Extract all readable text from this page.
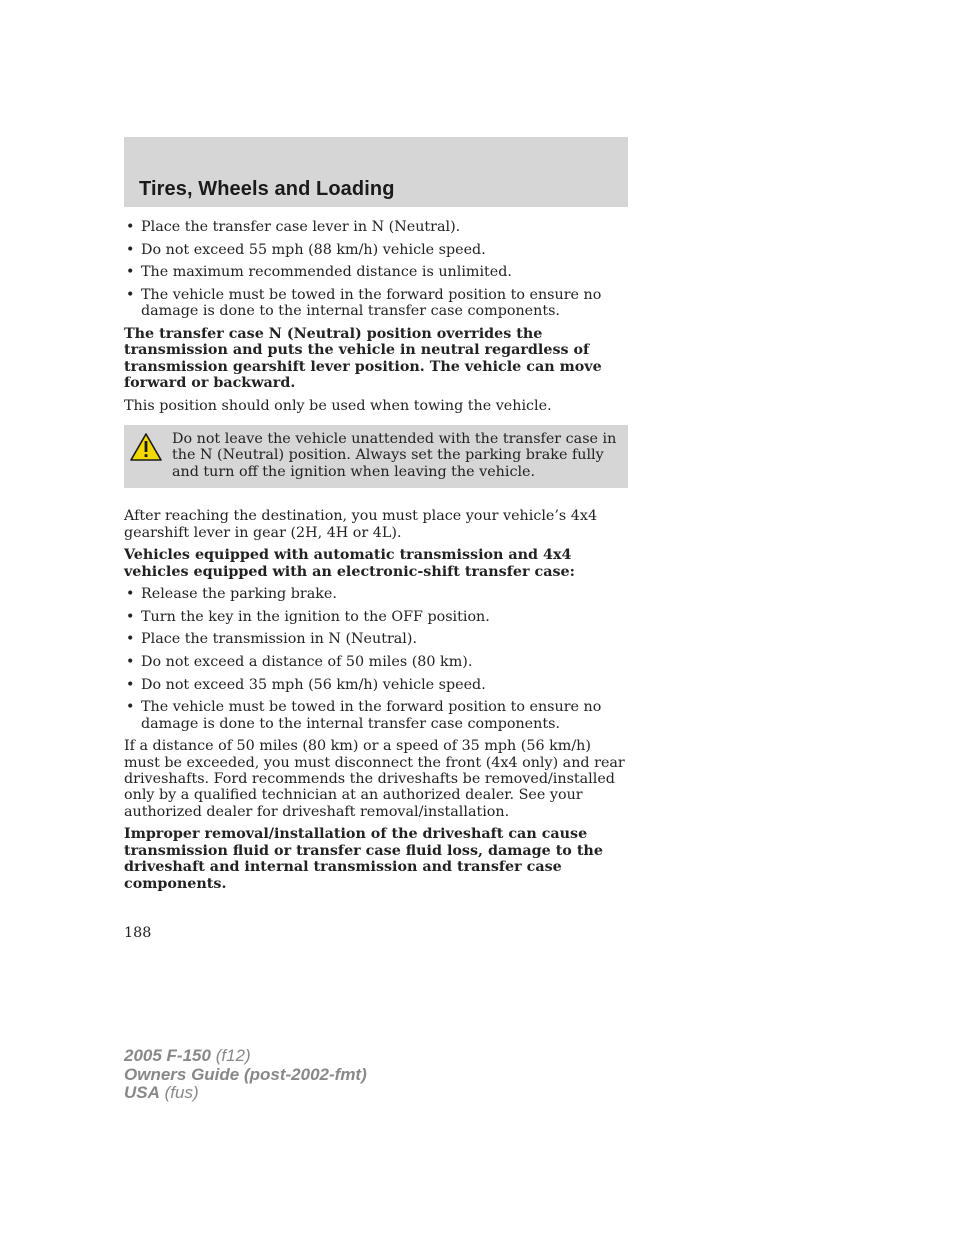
Tires, Wheels and Loading
• Place the transfer case lever in N (Neutral).
• Do not exceed 55 mph (88 km/h) vehicle speed.
• The maximum recommended distance is unlimited.
• The vehicle must be towed in the forward position to ensure no damage is done to the internal transfer case components.

The transfer case N (Neutral) position overrides the transmission and puts the vehicle in neutral regardless of transmission gearshift lever position. The vehicle can move forward or backward.

This position should only be used when towing the vehicle.

Do not leave the vehicle unattended with the transfer case in the N (Neutral) position. Always set the parking brake fully and turn off the ignition when leaving the vehicle.

After reaching the destination, you must place your vehicle’s 4x4 gearshift lever in gear (2H, 4H or 4L).

Vehicles equipped with automatic transmission and 4x4 vehicles equipped with an electronic-shift transfer case:

• Release the parking brake.
• Turn the key in the ignition to the OFF position.
• Place the transmission in N (Neutral).
• Do not exceed a distance of 50 miles (80 km).
• Do not exceed 35 mph (56 km/h) vehicle speed.
• The vehicle must be towed in the forward position to ensure no damage is done to the internal transfer case components.

If a distance of 50 miles (80 km) or a speed of 35 mph (56 km/h) must be exceeded, you must disconnect the front (4x4 only) and rear driveshafts. Ford recommends the driveshafts be removed/installed only by a qualified technician at an authorized dealer. See your authorized dealer for driveshaft removal/installation.

Improper removal/installation of the driveshaft can cause transmission fluid or transfer case fluid loss, damage to the driveshaft and internal transmission and transfer case components.

188
2005 F-150 (f12)
Owners Guide (post-2002-fmt)
USA (fus)
